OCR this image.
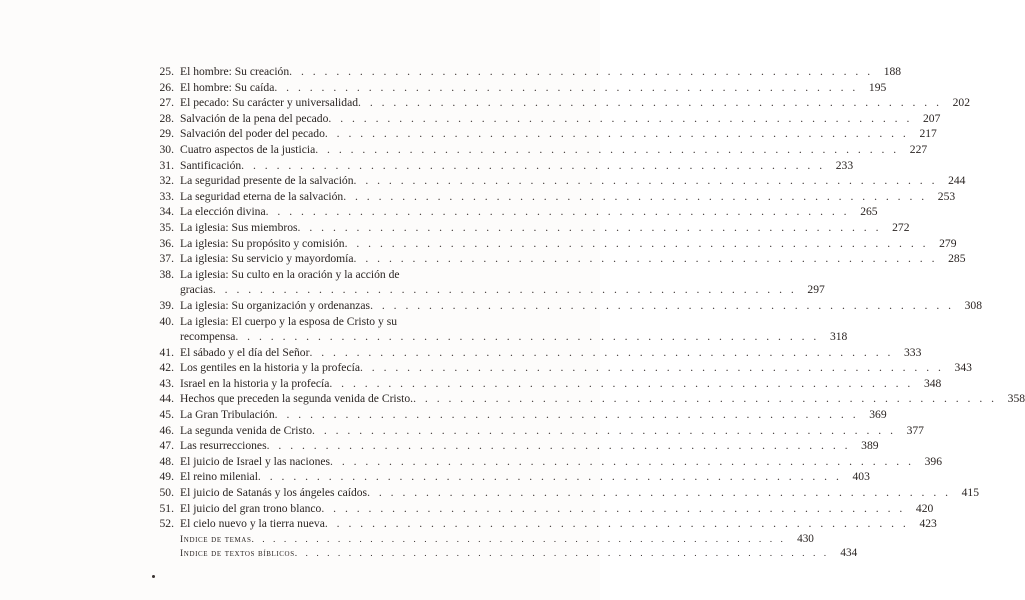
25. El hombre: Su creación . . .	188
26. El hombre: Su caída . . .	195
27. El pecado: Su carácter y universalidad . . .	202
28. Salvación de la pena del pecado . . .	207
29. Salvación del poder del pecado . . .	217
30. Cuatro aspectos de la justicia . . .	227
31. Santificación . . .	233
32. La seguridad presente de la salvación . . .	244
33. La seguridad eterna de la salvación . . .	253
34. La elección divina . . .	265
35. La iglesia: Sus miembros . . .	272
36. La iglesia: Su propósito y comisión . . .	279
37. La iglesia: Su servicio y mayordomía . . .	285
38. La iglesia: Su culto en la oración y la acción de
gracias . . .	297
39. La iglesia: Su organización y ordenanzas . . .	308
40. La iglesia: El cuerpo y la esposa de Cristo y su
recompensa . . .	318
41. El sábado y el día del Señor . . .	333
42. Los gentiles en la historia y la profecía . . .	343
43. Israel en la historia y la profecía . . .	348
44. Hechos que preceden la segunda venida de Cristo. . . .	358
45. La Gran Tribulación . . .	369
46. La segunda venida de Cristo . . .	377
47. Las resurrecciones . . .	389
48. El juicio de Israel y las naciones . . .	396
49. El reino milenial . . .	403
50. El juicio de Satanás y los ángeles caídos . . .	415
51. El juicio del gran trono blanco . . .	420
52. El cielo nuevo y la tierra nueva . . .	423
Indice de temas . . .	430
Indice de textos bíblicos . . .	434
